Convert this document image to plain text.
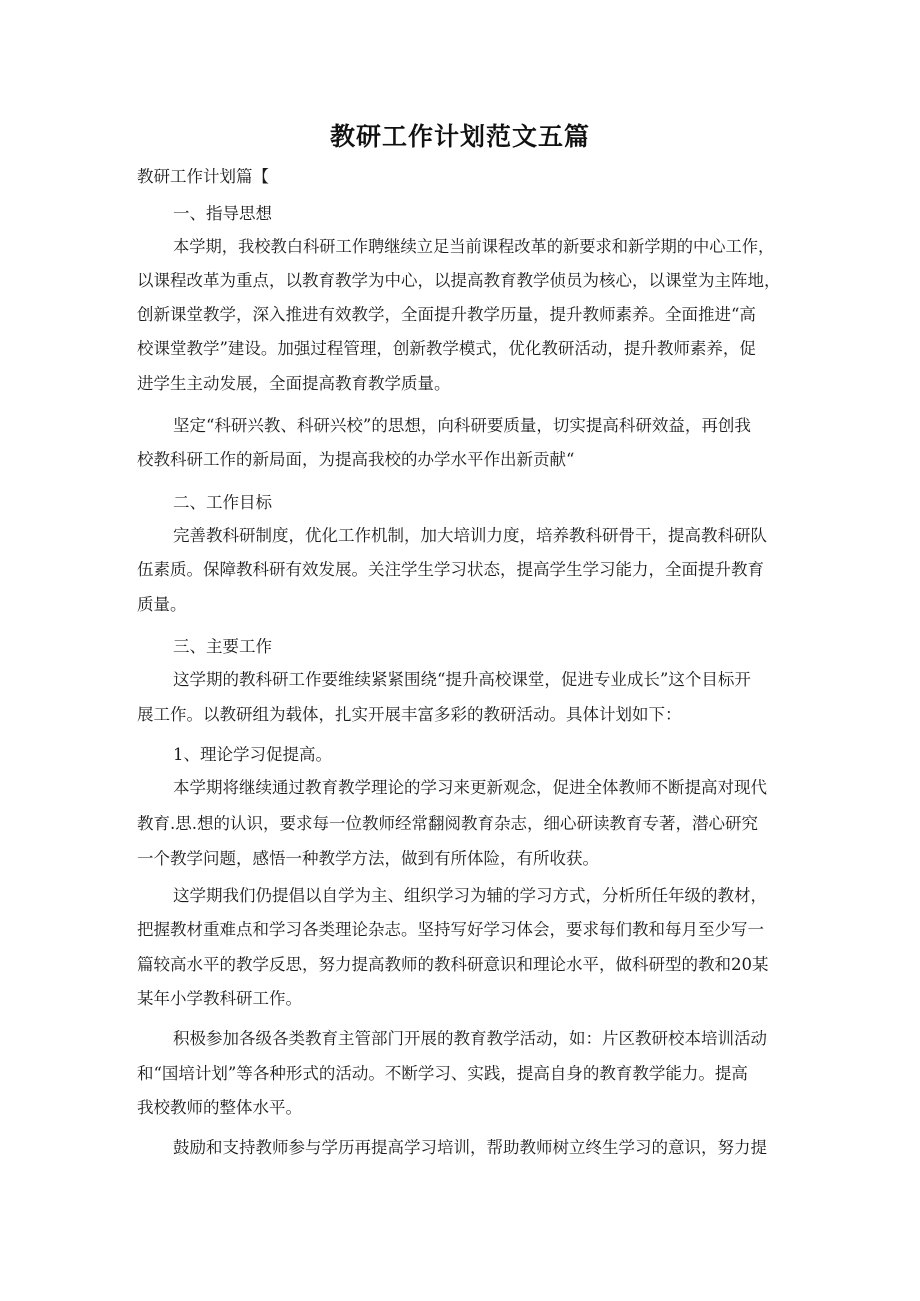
教研工作计划范文五篇
教研工作计划篇【
一、指导思想
本学期，我校教白科研工作聘继续立足当前课程改革的新要求和新学期的中心工作，
以课程改革为重点，以教育教学为中心，以提高教育教学侦员为核心，以课堂为主阵地，
创新课堂教学，深入推进有效教学，全面提升教学历量，提升教师素养。全面推进“高
校课堂教学”建设。加强过程管理，创新教学模式，优化教研活动，提升教师素养，促
进学生主动发展，全面提高教育教学质量。
坚定“科研兴教、科研兴校”的思想，向科研要质量，切实提高科研效益，再创我
校教科研工作的新局面，为提高我校的办学水平作出新贡献“
二、工作目标
完善教科研制度，优化工作机制，加大培训力度，培养教科研骨干，提高教科研队
伍素质。保障教科研有效发展。关注学生学习状态，提高学生学习能力，全面提升教育
质量。
三、主要工作
这学期的教科研工作要维续紧紧围绕“提升高校课堂，促进专业成长”这个目标开
展工作。以教研组为载体，扎实开展丰富多彩的教研活动。具体计划如下：
1、理论学习促提高。
本学期将继续通过教育教学理论的学习来更新观念，促进全体教师不断提高对现代
教育.思.想的认识，要求每一位教师经常翻阅教育杂志，细心研读教育专著，潜心研究
一个教学问题，感悟一种教学方法，做到有所体险，有所收获。
这学期我们仍提倡以自学为主、组织学习为辅的学习方式，分析所任年级的教材，
把握教材重难点和学习各类理论杂志。坚持写好学习体会，要求每们教和每月至少写一
篇较高水平的教学反思，努力提高教师的教科研意识和理论水平，做科研型的教和20某
某年小学教科研工作。
积极参加各级各类教育主管部门开展的教育教学活动，如：片区教研校本培训活动
和“国培计划”等各种形式的活动。不断学习、实践，提高自身的教育教学能力。提高
我校教师的整体水平。
鼓励和支持教师参与学历再提高学习培训，帮助教师树立终生学习的意识，努力提
